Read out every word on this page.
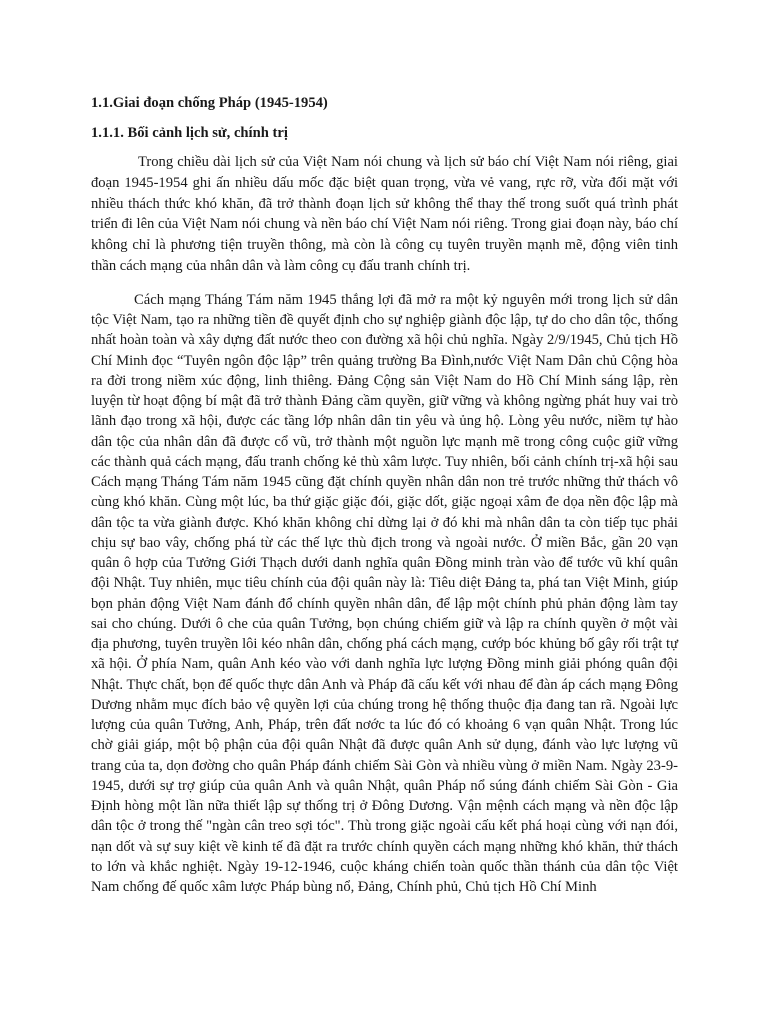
1.1.Giai đoạn chống Pháp (1945-1954)

1.1.1. Bối cảnh lịch sử, chính trị

Trong chiều dài lịch sử của Việt Nam nói chung và lịch sử báo chí Việt Nam nói riêng, giai đoạn 1945-1954 ghi ấn nhiều dấu mốc đặc biệt quan trọng, vừa vẻ vang, rực rỡ, vừa đối mặt với nhiều thách thức khó khăn, đã trở thành đoạn lịch sử không thể thay thế trong suốt quá trình phát triển đi lên của Việt Nam nói chung và nền báo chí Việt Nam nói riêng. Trong giai đoạn này, báo chí không chỉ là phương tiện truyền thông, mà còn là công cụ tuyên truyền mạnh mẽ, động viên tinh thần cách mạng của nhân dân và làm công cụ đấu tranh chính trị.

Cách mạng Tháng Tám năm 1945 thắng lợi đã mở ra một kỷ nguyên mới trong lịch sử dân tộc Việt Nam, tạo ra những tiền đề quyết định cho sự nghiệp giành độc lập, tự do cho dân tộc, thống nhất hoàn toàn và xây dựng đất nước theo con đường xã hội chủ nghĩa. Ngày 2/9/1945, Chủ tịch Hồ Chí Minh đọc “Tuyên ngôn độc lập” trên quảng trường Ba Đình,nước Việt Nam Dân chủ Cộng hòa ra đời trong niềm xúc động, linh thiêng. Đảng Cộng sản Việt Nam do Hồ Chí Minh sáng lập, rèn luyện từ hoạt động bí mật đã trở thành Đảng cầm quyền, giữ vững và không ngừng phát huy vai trò lãnh đạo trong xã hội, được các tầng lớp nhân dân tin yêu và ủng hộ. Lòng yêu nước, niềm tự hào dân tộc của nhân dân đã được cổ vũ, trở thành một nguồn lực mạnh mẽ trong công cuộc giữ vững các thành quả cách mạng, đấu tranh chống kẻ thù xâm lược. Tuy nhiên, bối cảnh chính trị-xã hội sau Cách mạng Tháng Tám năm 1945 cũng đặt chính quyền nhân dân non trẻ trước những thử thách vô cùng khó khăn. Cùng một lúc, ba thứ giặc giặc đói, giặc dốt, giặc ngoại xâm đe dọa nền độc lập mà dân tộc ta vừa giành được. Khó khăn không chỉ dừng lại ở đó khi mà nhân dân ta còn tiếp tục phải chịu sự bao vây, chống phá từ các thế lực thù địch trong và ngoài nước. Ở miền Bắc, gần 20 vạn quân ô hợp của Tưởng Giới Thạch dưới danh nghĩa quân Đồng minh tràn vào để tước vũ khí quân đội Nhật. Tuy nhiên, mục tiêu chính của đội quân này là: Tiêu diệt Đảng ta, phá tan Việt Minh, giúp bọn phản động Việt Nam đánh đổ chính quyền nhân dân, để lập một chính phủ phản động làm tay sai cho chúng. Dưới ô che của quân Tưởng, bọn chúng chiếm giữ và lập ra chính quyền ở một vài địa phương, tuyên truyền lôi kéo nhân dân, chống phá cách mạng, cướp bóc khủng bố gây rối trật tự xã hội. Ở phía Nam, quân Anh kéo vào với danh nghĩa lực lượng Đồng minh giải phóng quân đội Nhật. Thực chất, bọn đế quốc thực dân Anh và Pháp đã cấu kết với nhau để đàn áp cách mạng Đông Dương nhằm mục đích bảo vệ quyền lợi của chúng trong hệ thống thuộc địa đang tan rã. Ngoài lực lượng của quân Tưởng, Anh, Pháp, trên đất nơớc ta lúc đó có khoảng 6 vạn quân Nhật. Trong lúc chờ giải giáp, một bộ phận của đội quân Nhật đã được quân Anh sử dụng, đánh vào lực lượng vũ trang của ta, dọn đơờng cho quân Pháp đánh chiếm Sài Gòn và nhiều vùng ở miền Nam. Ngày 23-9-1945, dưới sự trợ giúp của quân Anh và quân Nhật, quân Pháp nổ súng đánh chiếm Sài Gòn - Gia Định hòng một lần nữa thiết lập sự thống trị ở Đông Dương. Vận mệnh cách mạng và nền độc lập dân tộc ở trong thế "ngàn cân treo sợi tóc". Thù trong giặc ngoài cấu kết phá hoại cùng với nạn đói, nạn dốt và sự suy kiệt về kinh tế đã đặt ra trước chính quyền cách mạng những khó khăn, thử thách to lớn và khắc nghiệt. Ngày 19-12-1946, cuộc kháng chiến toàn quốc thần thánh của dân tộc Việt Nam chống đế quốc xâm lược Pháp bùng nổ, Đảng, Chính phủ, Chủ tịch Hồ Chí Minh
